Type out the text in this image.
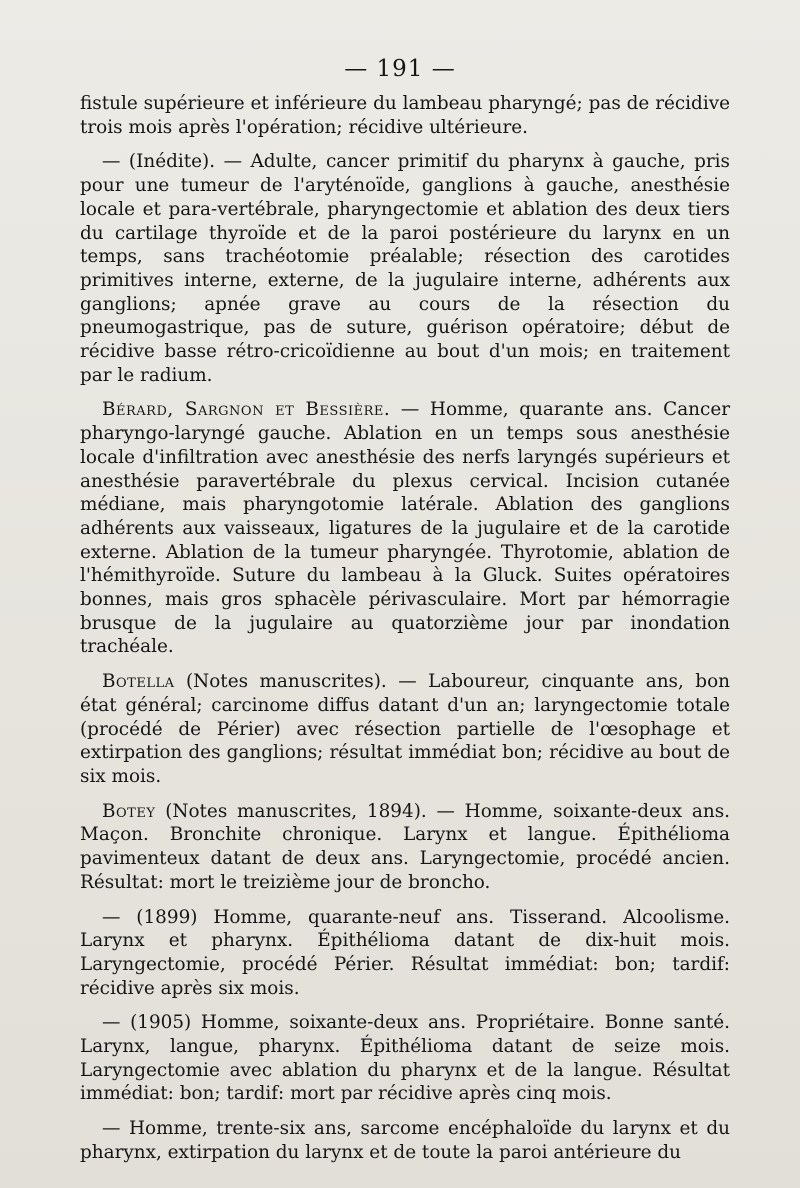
— 191 —

fistule supérieure et inférieure du lambeau pharyngé; pas de récidive trois mois après l'opération; récidive ultérieure.

— (Inédite). — Adulte, cancer primitif du pharynx à gauche, pris pour une tumeur de l'aryténoïde, ganglions à gauche, anesthésie locale et para-vertébrale, pharyngectomie et ablation des deux tiers du cartilage thyroïde et de la paroi postérieure du larynx en un temps, sans trachéotomie préalable; résection des carotides primitives interne, externe, de la jugulaire interne, adhérents aux ganglions; apnée grave au cours de la résection du pneumogastrique, pas de suture, guérison opératoire; début de récidive basse rétro-cricoïdienne au bout d'un mois; en traitement par le radium.

Bérard, Sargnon et Bessière. — Homme, quarante ans. Cancer pharyngo-laryngé gauche. Ablation en un temps sous anesthésie locale d'infiltration avec anesthésie des nerfs laryngés supérieurs et anesthésie paravertébrale du plexus cervical. Incision cutanée médiane, mais pharyngotomie latérale. Ablation des ganglions adhérents aux vaisseaux, ligatures de la jugulaire et de la carotide externe. Ablation de la tumeur pharyngée. Thyrotomie, ablation de l'hémithyroïde. Suture du lambeau à la Gluck. Suites opératoires bonnes, mais gros sphacèle périvasculaire. Mort par hémorragie brusque de la jugulaire au quatorzième jour par inondation trachéale.

Botella (Notes manuscrites). — Laboureur, cinquante ans, bon état général; carcinome diffus datant d'un an; laryngectomie totale (procédé de Périer) avec résection partielle de l'œsophage et extirpation des ganglions; résultat immédiat bon; récidive au bout de six mois.

Botey (Notes manuscrites, 1894). — Homme, soixante-deux ans. Maçon. Bronchite chronique. Larynx et langue. Épithélioma pavimenteux datant de deux ans. Laryngectomie, procédé ancien. Résultat: mort le treizième jour de broncho.

— (1899) Homme, quarante-neuf ans. Tisserand. Alcoolisme. Larynx et pharynx. Épithélioma datant de dix-huit mois. Laryngectomie, procédé Périer. Résultat immédiat: bon; tardif: récidive après six mois.

— (1905) Homme, soixante-deux ans. Propriétaire. Bonne santé. Larynx, langue, pharynx. Épithélioma datant de seize mois. Laryngectomie avec ablation du pharynx et de la langue. Résultat immédiat: bon; tardif: mort par récidive après cinq mois.

— Homme, trente-six ans, sarcome encéphaloïde du larynx et du pharynx, extirpation du larynx et de toute la paroi antérieure du
